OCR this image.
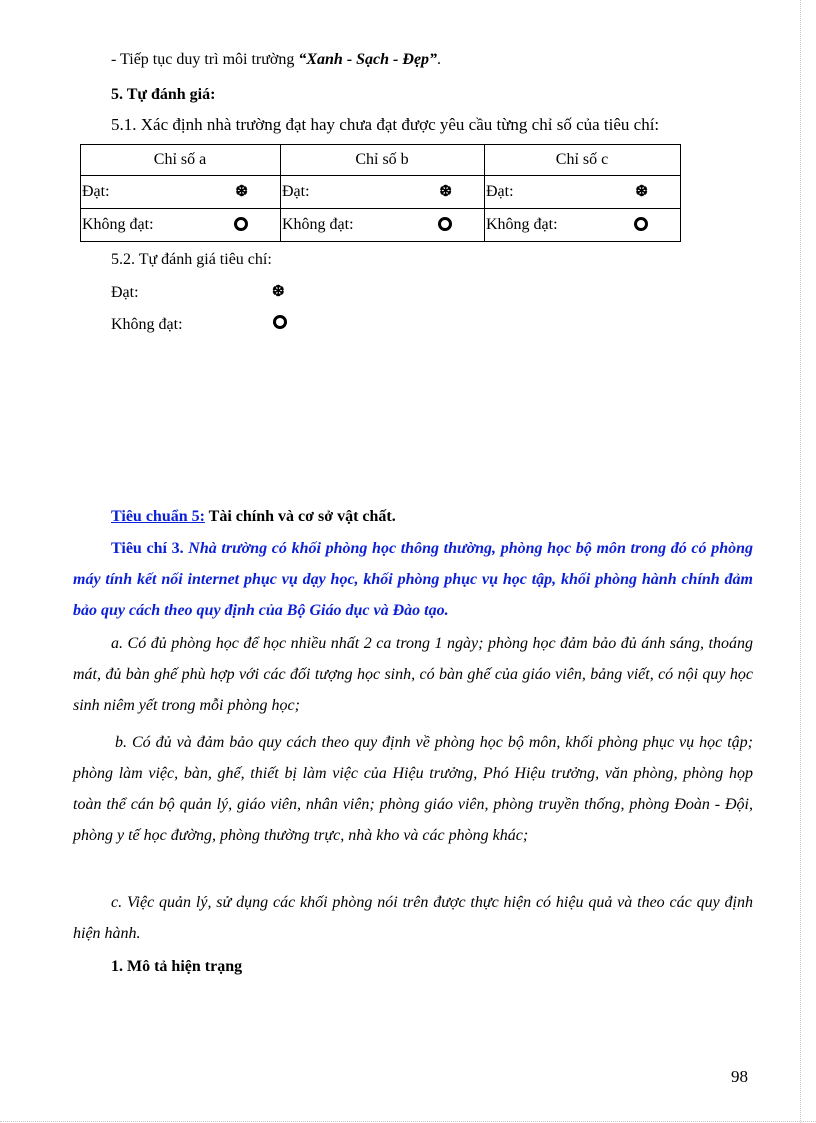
- Tiếp tục duy trì môi trường “Xanh - Sạch - Đẹp”.
5. Tự đánh giá:
5.1. Xác định nhà trường đạt hay chưa đạt được yêu cầu từng chỉ số của tiêu chí:
Chỉ số a	Chỉ số b	Chỉ số c
Đạt: ❆	Đạt: ❆	Đạt: ❆

Không đạt:	Không đạt:	Không đạt:
5.2. Tự đánh giá tiêu chí:
Đạt:	❆
Không đạt:
Tiêu chuẩn 5: Tài chính và cơ sở vật chất.
Tiêu chí 3. Nhà trường có khối phòng học thông thường, phòng học bộ môn trong đó có phòng máy tính kết nối internet phục vụ dạy học, khối phòng phục vụ học tập, khối phòng hành chính đảm bảo quy cách theo quy định của Bộ Giáo dục và Đào tạo.
a. Có đủ phòng học để học nhiều nhất 2 ca trong 1 ngày; phòng học đảm bảo đủ ánh sáng, thoáng mát, đủ bàn ghế phù hợp với các đối tượng học sinh, có bàn ghế của giáo viên, bảng viết, có nội quy học sinh niêm yết trong mỗi phòng học;
b. Có đủ và đảm bảo quy cách theo quy định về phòng học bộ môn, khối phòng phục vụ học tập; phòng làm việc, bàn, ghế, thiết bị làm việc của Hiệu trưởng, Phó Hiệu trưởng, văn phòng, phòng họp toàn thể cán bộ quản lý, giáo viên, nhân viên; phòng giáo viên, phòng truyền thống, phòng Đoàn - Đội, phòng y tế học đường, phòng thường trực, nhà kho và các phòng khác;
c. Việc quản lý, sử dụng các khối phòng nói trên được thực hiện có hiệu quả và theo các quy định hiện hành.
1. Mô tả hiện trạng
98
